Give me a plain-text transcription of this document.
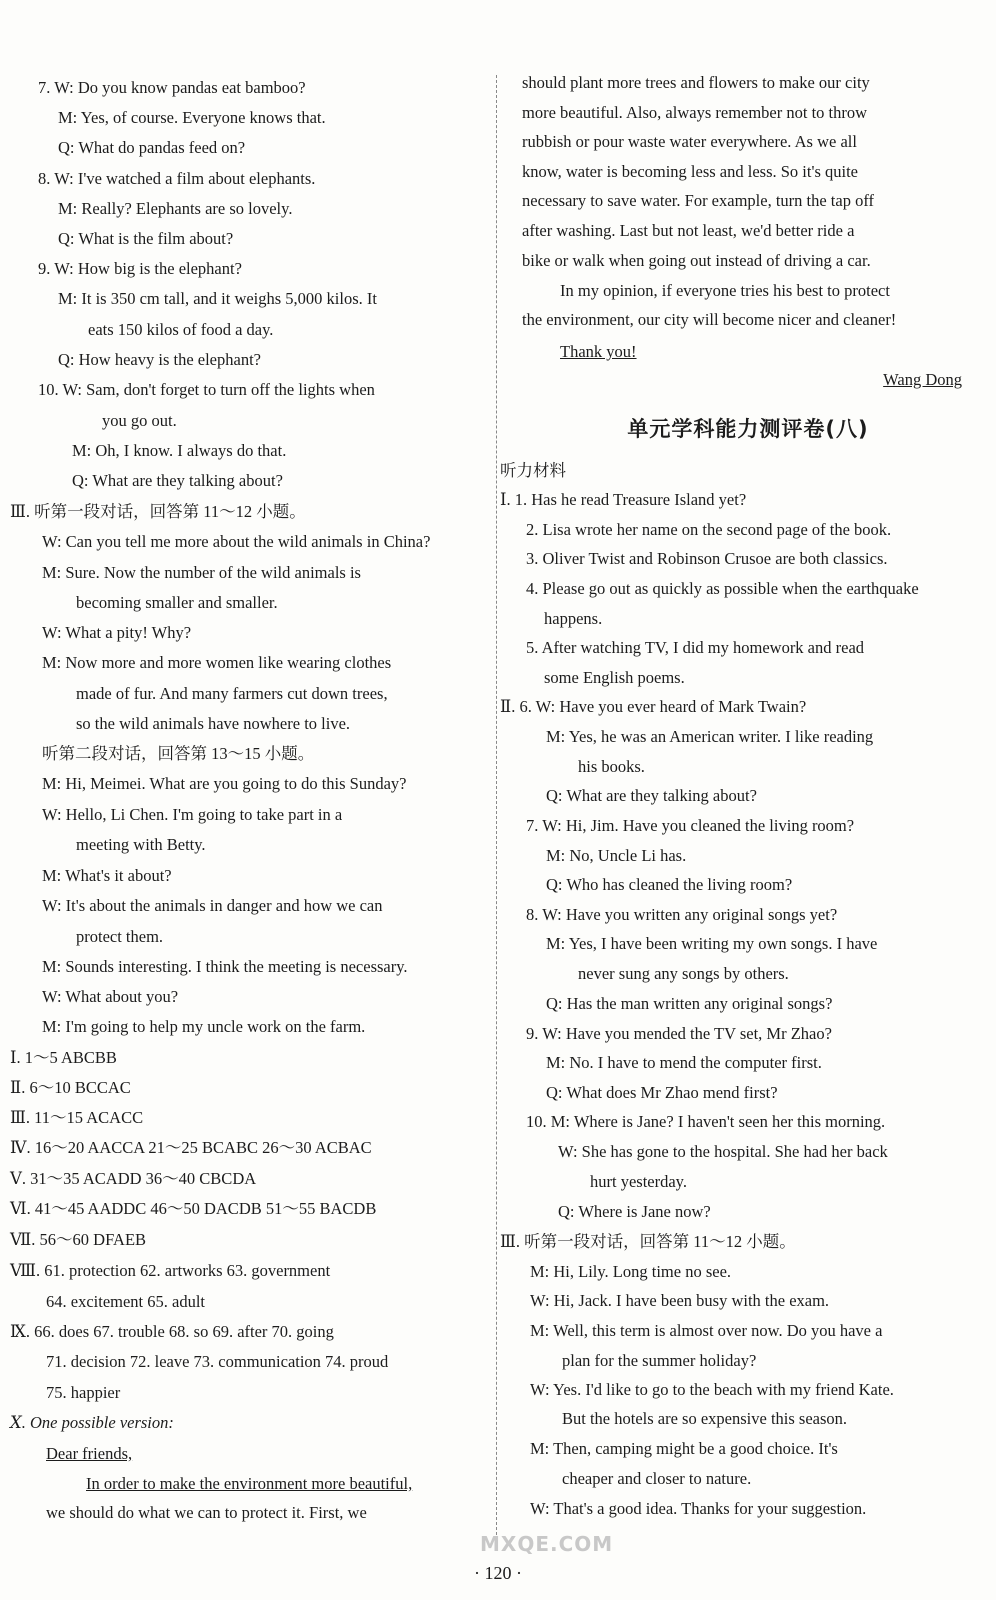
7. W: Do you know pandas eat bamboo?
M: Yes, of course. Everyone knows that.
Q: What do pandas feed on?
8. W: I've watched a film about elephants.
M: Really? Elephants are so lovely.
Q: What is the film about?
9. W: How big is the elephant?
M: It is 350 cm tall, and it weighs 5,000 kilos. It
eats 150 kilos of food a day.
Q: How heavy is the elephant?
10. W: Sam, don't forget to turn off the lights when
you go out.
M: Oh, I know. I always do that.
Q: What are they talking about?
Ⅲ. 听第一段对话，回答第 11～12 小题。
W: Can you tell me more about the wild animals in China?
M: Sure. Now the number of the wild animals is
becoming smaller and smaller.
W: What a pity! Why?
M: Now more and more women like wearing clothes
made of fur. And many farmers cut down trees,
so the wild animals have nowhere to live.
听第二段对话，回答第 13～15 小题。
M: Hi, Meimei. What are you going to do this Sunday?
W: Hello, Li Chen. I'm going to take part in a
meeting with Betty.
M: What's it about?
W: It's about the animals in danger and how we can
protect them.
M: Sounds interesting. I think the meeting is necessary.
W: What about you?
M: I'm going to help my uncle work on the farm.
Ⅰ. 1～5 ABCBB
Ⅱ. 6～10 BCCAC
Ⅲ. 11～15 ACACC
Ⅳ. 16～20 AACCA 21～25 BCABC 26～30 ACBAC
Ⅴ. 31～35 ACADD 36～40 CBCDA
Ⅵ. 41～45 AADDC 46～50 DACDB 51～55 BACDB
Ⅶ. 56～60 DFAEB
Ⅷ. 61. protection 62. artworks 63. government
64. excitement 65. adult
Ⅸ. 66. does 67. trouble 68. so 69. after 70. going
71. decision 72. leave 73. communication 74. proud
75. happier
Ⅹ. One possible version:
Dear friends,
In order to make the environment more beautiful,
we should do what we can to protect it. First, we
Wang Dong
单元学科能力测评卷(八)
should plant more trees and flowers to make our city
more beautiful. Also, always remember not to throw
rubbish or pour waste water everywhere. As we all
know, water is becoming less and less. So it's quite
necessary to save water. For example, turn the tap off
after washing. Last but not least, we'd better ride a
bike or walk when going out instead of driving a car.
In my opinion, if everyone tries his best to protect
the environment, our city will become nicer and cleaner!
Thank you!
听力材料
Ⅰ. 1. Has he read Treasure Island yet?
2. Lisa wrote her name on the second page of the book.
3. Oliver Twist and Robinson Crusoe are both classics.
4. Please go out as quickly as possible when the earthquake
happens.
5. After watching TV, I did my homework and read
some English poems.
Ⅱ. 6. W: Have you ever heard of Mark Twain?
M: Yes, he was an American writer. I like reading
his books.
Q: What are they talking about?
7. W: Hi, Jim. Have you cleaned the living room?
M: No, Uncle Li has.
Q: Who has cleaned the living room?
8. W: Have you written any original songs yet?
M: Yes, I have been writing my own songs. I have
never sung any songs by others.
Q: Has the man written any original songs?
9. W: Have you mended the TV set, Mr Zhao?
M: No. I have to mend the computer first.
Q: What does Mr Zhao mend first?
10. M: Where is Jane? I haven't seen her this morning.
W: She has gone to the hospital. She had her back
hurt yesterday.
Q: Where is Jane now?
Ⅲ. 听第一段对话，回答第 11～12 小题。
M: Hi, Lily. Long time no see.
W: Hi, Jack. I have been busy with the exam.
M: Well, this term is almost over now. Do you have a
plan for the summer holiday?
W: Yes. I'd like to go to the beach with my friend Kate.
But the hotels are so expensive this season.
M: Then, camping might be a good choice. It's
cheaper and closer to nature.
W: That's a good idea. Thanks for your suggestion.
· 120 ·
MXQE.COM
